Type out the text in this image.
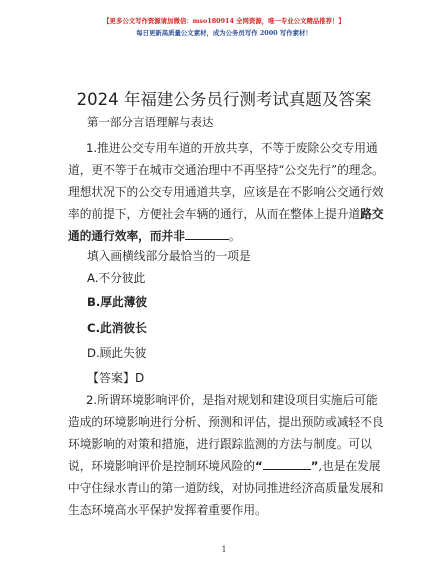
【更多公文写作资源请加微信：mso180914 全网资源，唯一专业公文精品推荐！】
每日更新高质量公文素材，成为公务员写作 2000 写作素材！
2024 年福建公务员行测考试真题及答案
第一部分言语理解与表达
1.推进公交专用车道的开放共享，不等于废除公交专用通道，更不等于在城市交通治理中不再坚持“公交先行”的理念。理想状况下的公交专用通道共享，应该是在不影响公交通行效率的前提下，方便社会车辆的通行，从而在整体上提升道路交通的通行效率，而并非	。
填入画横线部分最恰当的一项是
A.不分彼此
B.厚此薄彼
C.此消彼长
D.顾此失彼
【答案】D
2.所谓环境影响评价，是指对规划和建设项目实施后可能造成的环境影响进行分析、预测和评估，提出预防或减轻不良环境影响的对策和措施，进行跟踪监测的方法与制度。可以说，环境影响评价是控制环境风险的“	”,也是在发展中守住绿水青山的第一道防线，对协同推进经济高质量发展和生态环境高水平保护发挥着重要作用。
1
